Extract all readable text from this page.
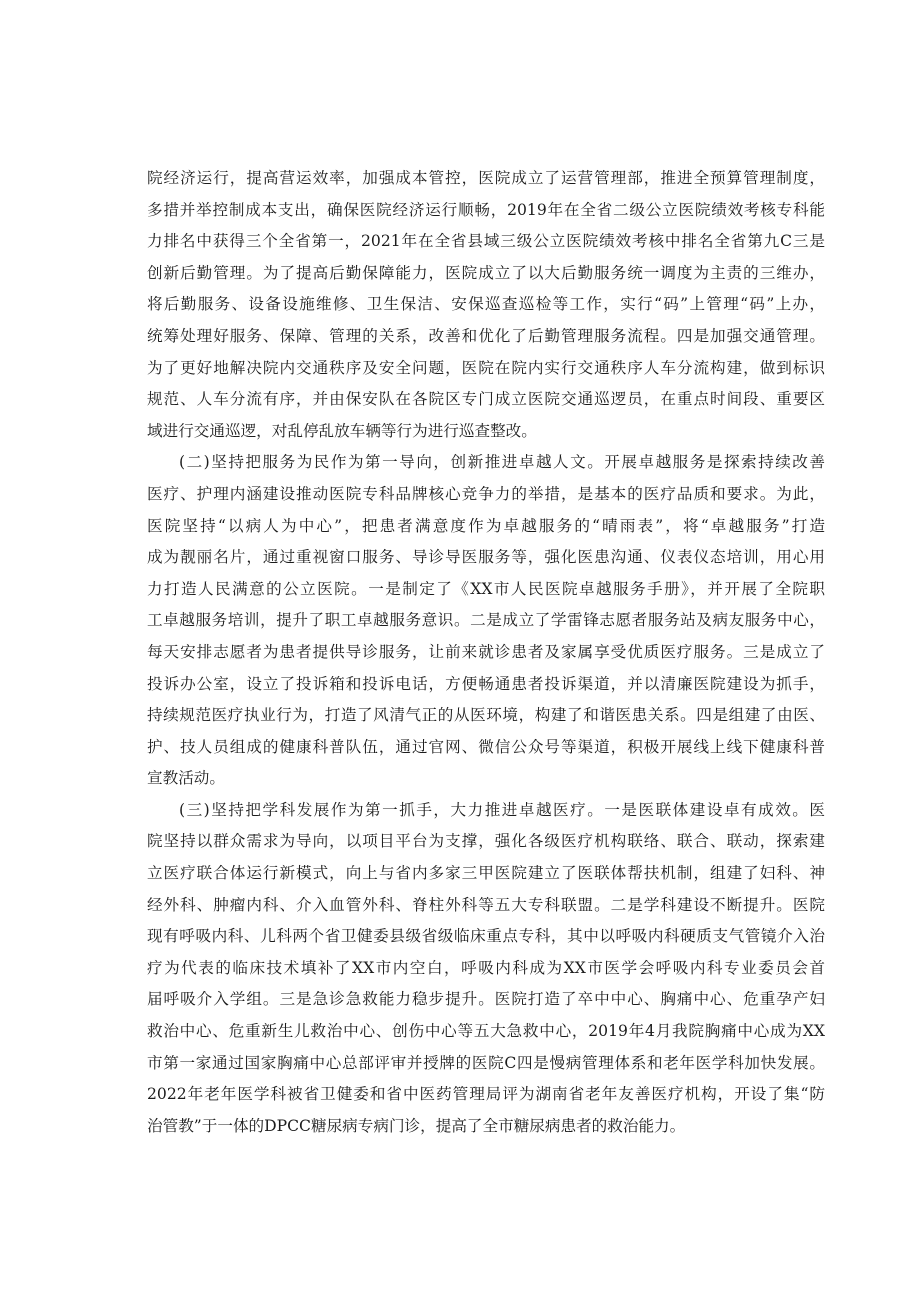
院经济运行，提高营运效率，加强成本管控，医院成立了运营管理部，推进全预算管理制度，
多措并举控制成本支出，确保医院经济运行顺畅，2019年在全省二级公立医院绩效考核专科能
力排名中获得三个全省第一，2021年在全省县域三级公立医院绩效考核中排名全省第九C三是
创新后勤管理。为了提高后勤保障能力，医院成立了以大后勤服务统一调度为主责的三维办，
将后勤服务、设备设施维修、卫生保洁、安保巡查巡检等工作，实行“码”上管理“码”上办，
统筹处理好服务、保障、管理的关系，改善和优化了后勤管理服务流程。四是加强交通管理。
为了更好地解决院内交通秩序及安全问题，医院在院内实行交通秩序人车分流构建，做到标识
规范、人车分流有序，并由保安队在各院区专门成立医院交通巡逻员，在重点时间段、重要区
域进行交通巡逻，对乱停乱放车辆等行为进行巡查整改。
(二)坚持把服务为民作为第一导向，创新推进卓越人文。开展卓越服务是探索持续改善
医疗、护理内涵建设推动医院专科品牌核心竞争力的举措，是基本的医疗品质和要求。为此，
医院坚持“以病人为中心”，把患者满意度作为卓越服务的“晴雨表”，将“卓越服务”打造
成为靓丽名片，通过重视窗口服务、导诊导医服务等，强化医患沟通、仪表仪态培训，用心用
力打造人民满意的公立医院。一是制定了《XX市人民医院卓越服务手册》，并开展了全院职
工卓越服务培训，提升了职工卓越服务意识。二是成立了学雷锋志愿者服务站及病友服务中心，
每天安排志愿者为患者提供导诊服务，让前来就诊患者及家属享受优质医疗服务。三是成立了
投诉办公室，设立了投诉箱和投诉电话，方便畅通患者投诉渠道，并以清廉医院建设为抓手，
持续规范医疗执业行为，打造了风清气正的从医环境，构建了和谐医患关系。四是组建了由医、
护、技人员组成的健康科普队伍，通过官网、微信公众号等渠道，积极开展线上线下健康科普
宣教活动。
(三)坚持把学科发展作为第一抓手，大力推进卓越医疗。一是医联体建设卓有成效。医
院坚持以群众需求为导向，以项目平台为支撑，强化各级医疗机构联络、联合、联动，探索建
立医疗联合体运行新模式，向上与省内多家三甲医院建立了医联体帮扶机制，组建了妇科、神
经外科、肿瘤内科、介入血管外科、脊柱外科等五大专科联盟。二是学科建设不断提升。医院
现有呼吸内科、儿科两个省卫健委县级省级临床重点专科，其中以呼吸内科硬质支气管镜介入治
疗为代表的临床技术填补了XX市内空白，呼吸内科成为XX市医学会呼吸内科专业委员会首
届呼吸介入学组。三是急诊急救能力稳步提升。医院打造了卒中中心、胸痛中心、危重孕产妇
救治中心、危重新生儿救治中心、创伤中心等五大急救中心，2019年4月我院胸痛中心成为XX
市第一家通过国家胸痛中心总部评审并授牌的医院C四是慢病管理体系和老年医学科加快发展。
2022年老年医学科被省卫健委和省中医药管理局评为湖南省老年友善医疗机构，开设了集“防
治管教”于一体的DPCC糖尿病专病门诊，提高了全市糖尿病患者的救治能力。
